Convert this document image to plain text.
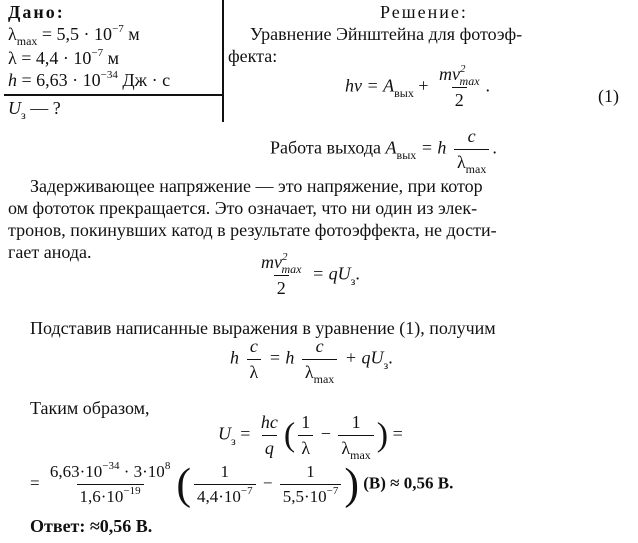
Дано:
$\lambda_{max} = 5,5 \cdot 10^{-7}$ м
$\lambda = 4,4 \cdot 10^{-7}$ м
$h = 6,63 \cdot 10^{-34}$ Дж · с
$U_з$ — ?
Решение:
Уравнение Эйнштейна для фотоэф-
фекта:
$h\nu = A_{вых} + \frac{mv^2_{max}}{2}$ .
(1)
Работа выхода $A_{вых} = h \frac{c}{\lambda_{max}}$ .
Задерживающее напряжение — это напряжение, при котор
ом фототок прекращается. Это означает, что ни один из элек-
тронов, покинувших катод в результате фотоэффекта, не дости-
гает анода.	$\frac{mv^2_{max}}{2} = qU_з$.
Подставив написанные выражения в уравнение (1), получим
h $\frac{c}{\lambda} = h \frac{c}{\lambda_{max}} + qU_з$.
Таким образом,
$U_з = \frac{hc}{q}$ ( $\frac{1}{\lambda} - \frac{1}{\lambda_{max}}$ ) =
= $\frac{6,63\cdot 10^{-34} \cdot 3\cdot 10^8}{1,6\cdot 10^{-19}}$ ( $\frac{1}{4,4\cdot 10^{-7}} - \frac{1}{5,5\cdot 10^{-7}}$ ) (В) ≈ 0,56 В.
Ответ: ≈0,56 В.
